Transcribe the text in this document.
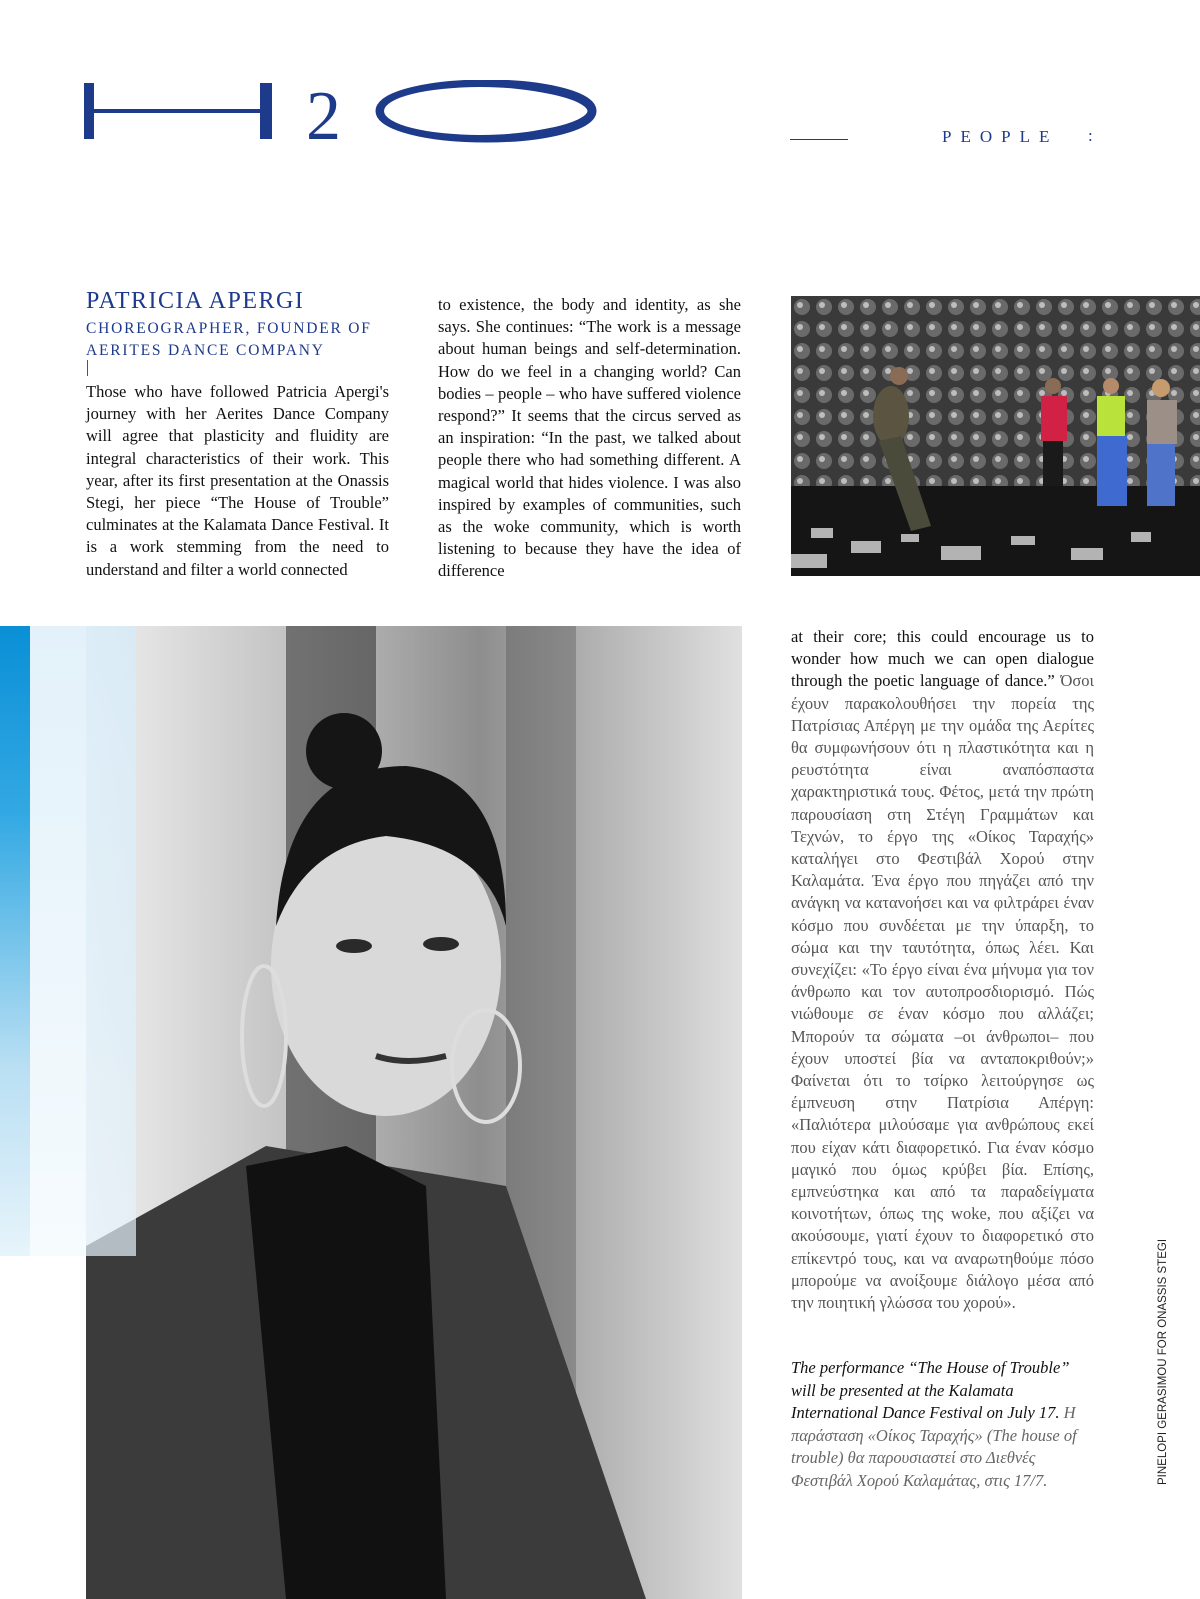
2	PEOPLE :
PATRICIA APERGI
CHOREOGRAPHER, FOUNDER OF AERITES DANCE COMPANY
Those who have followed Patricia Apergi's journey with her Aerites Dance Company will agree that plasticity and fluidity are integral characteristics of their work. This year, after its first presentation at the Onassis Stegi, her piece “The House of Trouble” culminates at the Kalamata Dance Festival. It is a work stemming from the need to understand and filter a world connected
to existence, the body and identity, as she says. She continues: “The work is a message about human beings and self-determination. How do we feel in a changing world? Can bodies – people – who have suffered violence respond?” It seems that the circus served as an inspiration: “In the past, we talked about people there who had something different. A magical world that hides violence. I was also inspired by examples of communities, such as the woke community, which is worth listening to because they have the idea of difference
at their core; this could encourage us to wonder how much we can open dialogue through the poetic language of dance.” Όσοι έχουν παρακολουθήσει την πορεία της Πατρίσιας Απέργη με την ομάδα της Αερίτες θα συμφωνήσουν ότι η πλαστικότητα και η ρευστότητα είναι αναπόσπαστα χαρακτηριστικά τους. Φέτος, μετά την πρώτη παρουσίαση στη Στέγη Γραμμάτων και Τεχνών, το έργο της «Οίκος Ταραχής» καταλήγει στο Φεστιβάλ Χορού στην Καλαμάτα. Ένα έργο που πηγάζει από την ανάγκη να κατανοήσει και να φιλτράρει έναν κόσμο που συνδέεται με την ύπαρξη, το σώμα και την ταυτότητα, όπως λέει. Και συνεχίζει: «Το έργο είναι ένα μήνυμα για τον άνθρωπο και τον αυτοπροσδιορισμό. Πώς νιώθουμε σε έναν κόσμο που αλλάζει; Μπορούν τα σώματα –οι άνθρωποι– που έχουν υποστεί βία να ανταποκριθούν;» Φαίνεται ότι το τσίρκο λειτούργησε ως έμπνευση στην Πατρίσια Απέργη: «Παλιότερα μιλούσαμε για ανθρώπους εκεί που είχαν κάτι διαφορετικό. Για έναν κόσμο μαγικό που όμως κρύβει βία. Επίσης, εμπνεύστηκα και από τα παραδείγματα κοινοτήτων, όπως της woke, που αξίζει να ακούσουμε, γιατί έχουν το διαφορετικό στο επίκεντρό τους, και να αναρωτηθούμε πόσο μπορούμε να ανοίξουμε διάλογο μέσα από την ποιητική γλώσσα του χορού».
The performance “The House of Trouble” will be presented at the Kalamata International Dance Festival on July 17. Η παράσταση «Οίκος Ταραχής» (The house of trouble) θα παρουσιαστεί στο Διεθνές Φεστιβάλ Χορού Καλαμάτας, στις 17/7.	PINELOPI GERASIMOU FOR ONASSIS STEGI
